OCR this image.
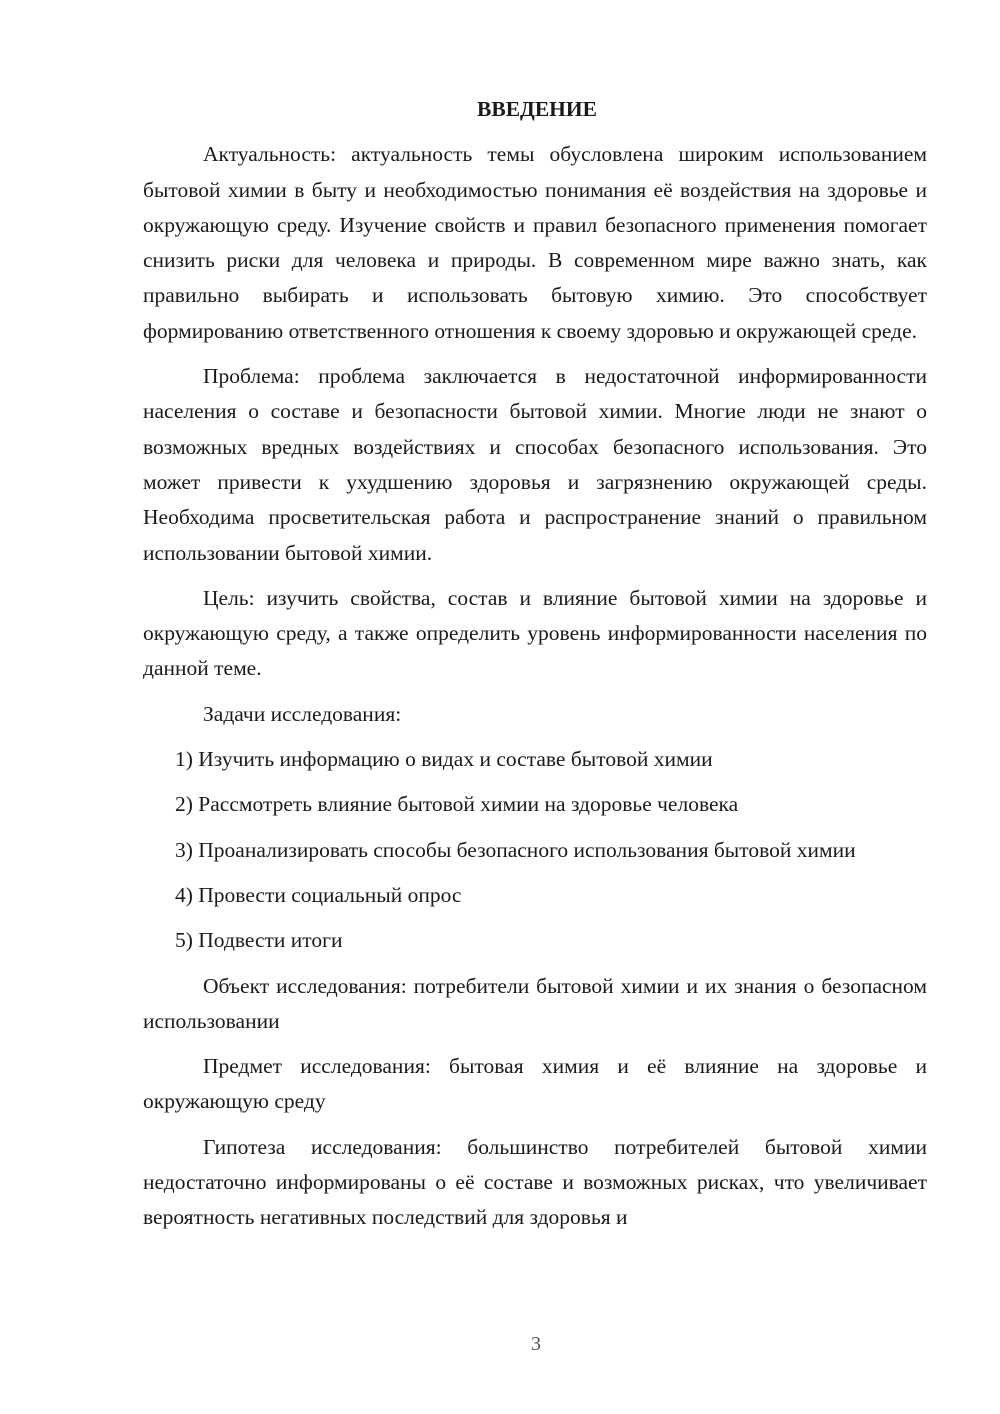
ВВЕДЕНИЕ

Актуальность: актуальность темы обусловлена широким использованием бытовой химии в быту и необходимостью понимания её воздействия на здоровье и окружающую среду. Изучение свойств и правил безопасного применения помогает снизить риски для человека и природы. В современном мире важно знать, как правильно выбирать и использовать бытовую химию. Это способствует формированию ответственного отношения к своему здоровью и окружающей среде.

Проблема: проблема заключается в недостаточной информированности населения о составе и безопасности бытовой химии. Многие люди не знают о возможных вредных воздействиях и способах безопасного использования. Это может привести к ухудшению здоровья и загрязнению окружающей среды. Необходима просветительская работа и распространение знаний о правильном использовании бытовой химии.

Цель: изучить свойства, состав и влияние бытовой химии на здоровье и окружающую среду, а также определить уровень информированности населения по данной теме.

Задачи исследования:

1) Изучить информацию о видах и составе бытовой химии

2) Рассмотреть влияние бытовой химии на здоровье человека

3) Проанализировать способы безопасного использования бытовой химии

4) Провести социальный опрос

5) Подвести итоги

Объект исследования: потребители бытовой химии и их знания о безопасном использовании

Предмет исследования: бытовая химия и её влияние на здоровье и окружающую среду

Гипотеза исследования: большинство потребителей бытовой химии недостаточно информированы о её составе и возможных рисках, что увеличивает вероятность негативных последствий для здоровья и

3
